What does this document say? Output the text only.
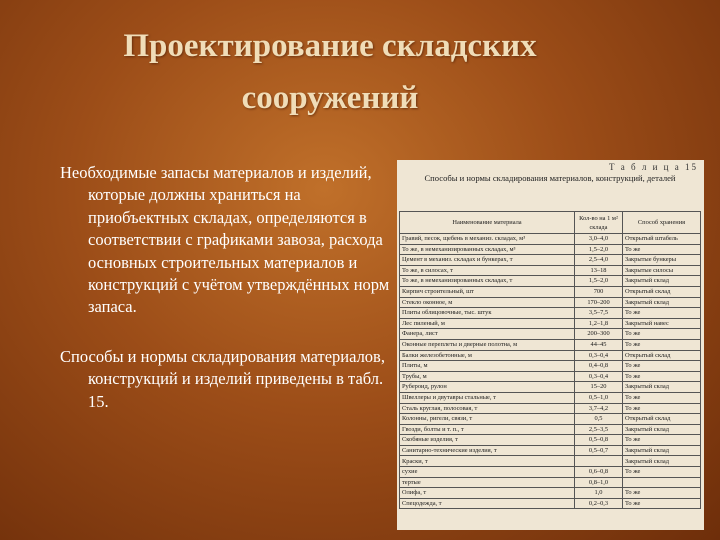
Проектирование складских
сооружений

Необходимые запасы материалов и изделий, которые должны храниться на приобъектных складах, определяются в соответствии с графиками завоза, расхода основных строительных материалов и конструкций с учётом утверждённых норм запаса.

Способы и нормы складирования материалов, конструкций и изделий приведены в табл. 15.

Т а б л и ц а 15
Способы и нормы складирования материалов, конструкций, деталей
Наименование материала	Кол-во на 1 м² склада	Способ хранения
Гравий, песок, щебень в механиз. складах, м³	3,0–4,0	Открытый штабель
То же, в немеханизированных складах, м³	1,5–2,0	То же
Цемент в механиз. складах и бункерах, т	2,5–4,0	Закрытые бункеры
То же, в силосах, т	13–18	Закрытые силосы
То же, в немеханизированных складах, т	1,5–2,0	Закрытый склад
Кирпич строительный, шт	700	Открытый склад
Стекло оконное, м	170–200	Закрытый склад
Плиты облицовочные, тыс. штук	3,5–7,5	То же
Лес пиленый, м	1,2–1,8	Закрытый навес
Фанера, лист	200–300	То же
Оконные переплеты и дверные полотна, м	44–45	То же
Балки железобетонные, м	0,3–0,4	Открытый склад
Плиты, м	0,4–0,8	То же
Трубы, м	0,3–0,4	То же
Рубероид, рулон	15–20	Закрытый склад
Швеллеры и двутавры стальные, т	0,5–1,0	То же
Сталь круглая, полосовая, т	3,7–4,2	То же
Колонны, ригели, связи, т	0,5	Открытый склад
Гвозди, болты и т. п., т	2,5–3,5	Закрытый склад
Скобяные изделия, т	0,5–0,8	То же
Санитарно-технические изделия, т	0,5–0,7	Закрытый склад
Краски, т		Закрытый склад
сухие	0,6–0,8	То же
тертые	0,8–1,0	
Олифа, т	1,0	То же
Спецодежда, т	0,2–0,3	То же
